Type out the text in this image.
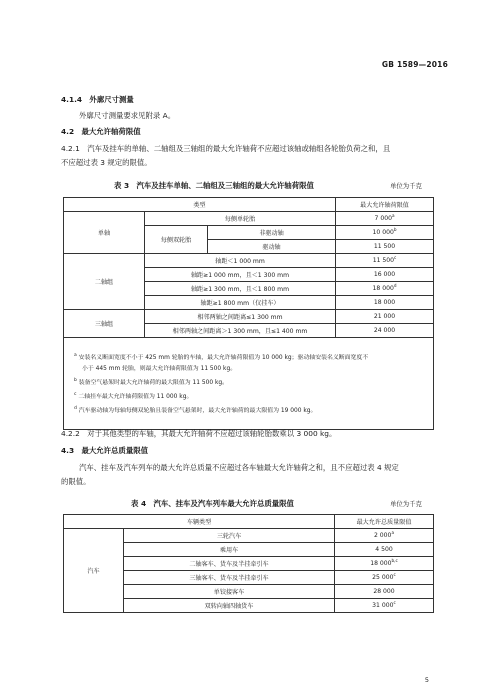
GB 1589—2016
4.1.4　外廓尺寸测量
外廓尺寸测量要求见附录 A。
4.2　最大允许轴荷限值
4.2.1　汽车及挂车的单轴、二轴组及三轴组的最大允许轴荷不应超过该轴或轴组各轮胎负荷之和，且
不应超过表 3 规定的限值。
表 3　汽车及挂车单轴、二轴组及三轴组的最大允许轴荷限值	单位为千克
类型			最大允许轴荷限值
单轴	每侧单轮胎		7 000$^a$
	每侧双轮胎	非驱动轴	10 000$^b$
		驱动轴	11 500
二轴组	轴距＜1 000 mm		11 500$^c$
	轴距≥1 000 mm，且＜1 300 mm		16 000
	轴距≥1 300 mm，且＜1 800 mm		18 000$^d$
	轴距≥1 800 mm（仅挂车）		18 000
三轴组	相邻两轴之间距离≤1 300 mm		21 000
	相邻两轴之间距离＞1 300 mm，且≤1 400 mm		24 000

$^a$ 安装名义断面宽度不小于 425 mm 轮胎的车轴，最大允许轴荷限值为 10 000 kg；驱动轴安装名义断面宽度不
小于 445 mm 轮胎，则最大允许轴荷限值为 11 500 kg。
$^b$ 装备空气悬架时最大允许轴荷的最大限值为 11 500 kg。
$^c$ 二轴挂车最大允许轴荷限值为 11 000 kg。
$^d$ 汽车驱动轴为每轴每侧双轮胎且装备空气悬架时，最大允许轴荷的最大限值为 19 000 kg。
4.2.2　对于其他类型的车轴，其最大允许轴荷不应超过该轴轮胎数乘以 3 000 kg。
4.3　最大允许总质量限值
汽车、挂车及汽车列车的最大允许总质量不应超过各车轴最大允许轴荷之和，且不应超过表 4 规定
的限值。
表 4　汽车、挂车及汽车列车最大允许总质量限值	单位为千克
车辆类型		最大允许总质量限值
汽车	三轮汽车	2 000$^a$
	乘用车	4 500
	二轴客车、货车及半挂牵引车	18 000$^{b,c}$
	三轴客车、货车及半挂牵引车	25 000$^c$
	单铰接客车	28 000
	双转向轴四轴货车	31 000$^c$
5
